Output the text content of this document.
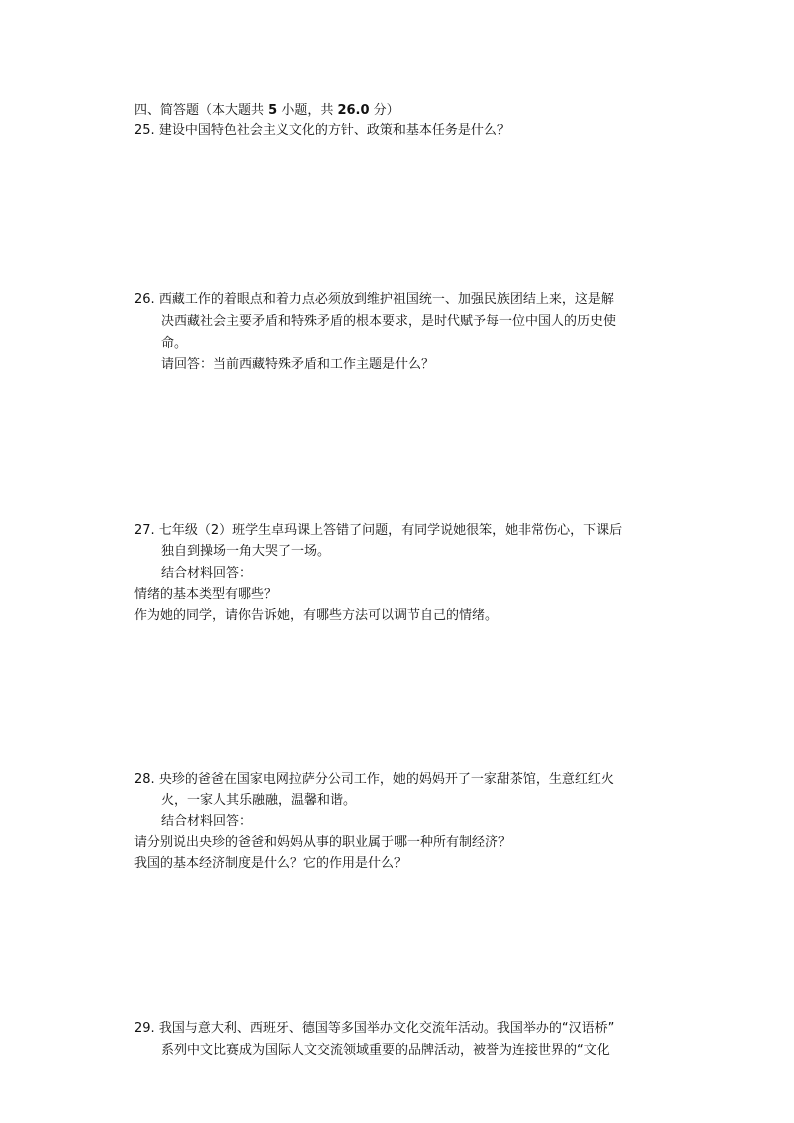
四、简答题（本大题共 5 小题，共 26.0 分）
25. 建设中国特色社会主义文化的方针、政策和基本任务是什么？
26. 西藏工作的着眼点和着力点必须放到维护祖国统一、加强民族团结上来，这是解
决西藏社会主要矛盾和特殊矛盾的根本要求，是时代赋予每一位中国人的历史使
命。
请回答：当前西藏特殊矛盾和工作主题是什么？
27. 七年级（2）班学生卓玛课上答错了问题，有同学说她很笨，她非常伤心，下课后
独自到操场一角大哭了一场。
结合材料回答：
情绪的基本类型有哪些？
作为她的同学，请你告诉她，有哪些方法可以调节自己的情绪。
28. 央珍的爸爸在国家电网拉萨分公司工作，她的妈妈开了一家甜茶馆，生意红红火
火，一家人其乐融融，温馨和谐。
结合材料回答：
请分别说出央珍的爸爸和妈妈从事的职业属于哪一种所有制经济？
我国的基本经济制度是什么？它的作用是什么？
29. 我国与意大利、西班牙、德国等多国举办文化交流年活动。我国举办的“汉语桥”
系列中文比赛成为国际人文交流领域重要的品牌活动，被誉为连接世界的“文化
